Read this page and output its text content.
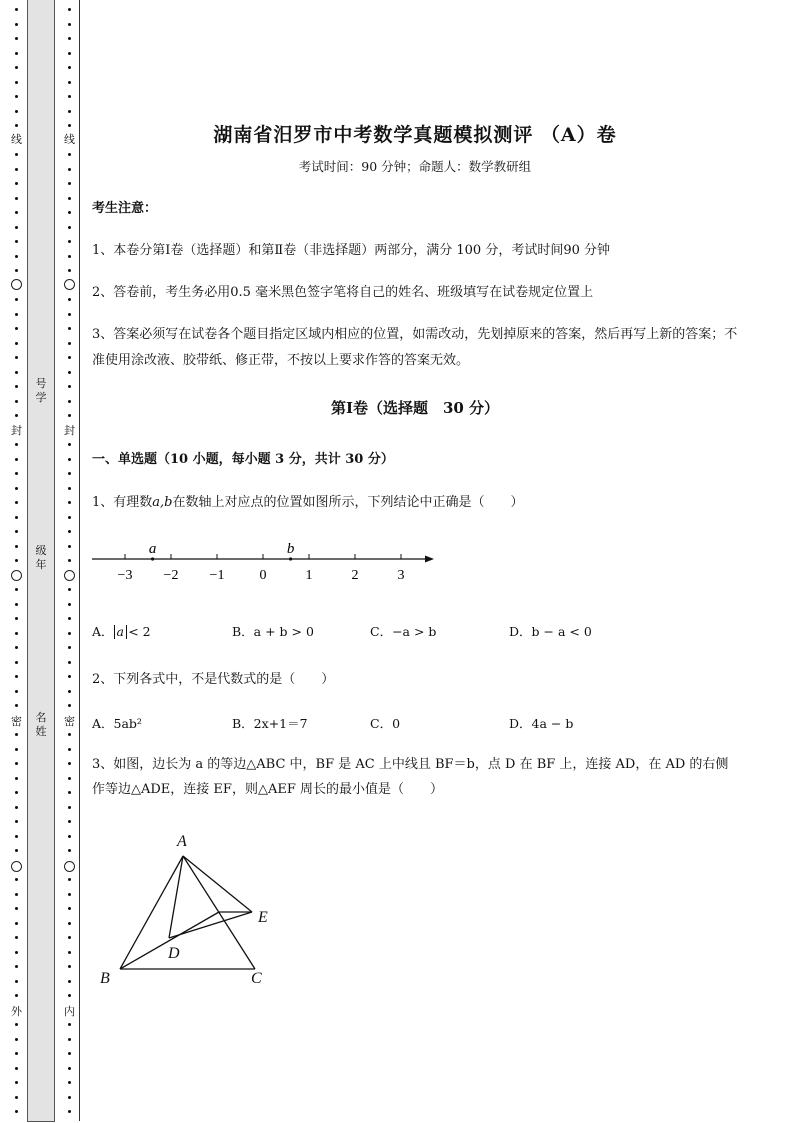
线
封
密
外
线
封
密
内
号学
级年
名姓
湖南省汨罗市中考数学真题模拟测评 （A）卷
考试时间：90 分钟；命题人：数学教研组
考生注意：
1、本卷分第Ⅰ卷（选择题）和第Ⅱ卷（非选择题）两部分，满分 100 分，考试时间90 分钟
2、答卷前，考生务必用0.5 毫米黑色签字笔将自己的姓名、班级填写在试卷规定位置上
3、答案必须写在试卷各个题目指定区域内相应的位置，如需改动，先划掉原来的答案，然后再写上新的答案；不准使用涂改液、胶带纸、修正带，不按以上要求作答的答案无效。
第Ⅰ卷（选择题　30 分）
一、单选题（10 小题，每小题 3 分，共计 30 分）
1、有理数a,b在数轴上对应点的位置如图所示，下列结论中正确是（　　）
−3 −2 −1	0	1	2	3
a	b
A． a  < 2	B．a + b > 0	C．−a > b	D．b − a < 0
2、下列各式中，不是代数式的是（　　）
A．5ab²	B．2x+1＝7	C．0	D．4a − b
3、如图，边长为 a 的等边△ABC 中，BF 是 AC 上中线且 BF＝b，点 D 在 BF 上，连接 AD，在 AD 的右侧
作等边△ADE，连接 EF，则△AEF 周长的最小值是（　　）
A
B	C
D
E
